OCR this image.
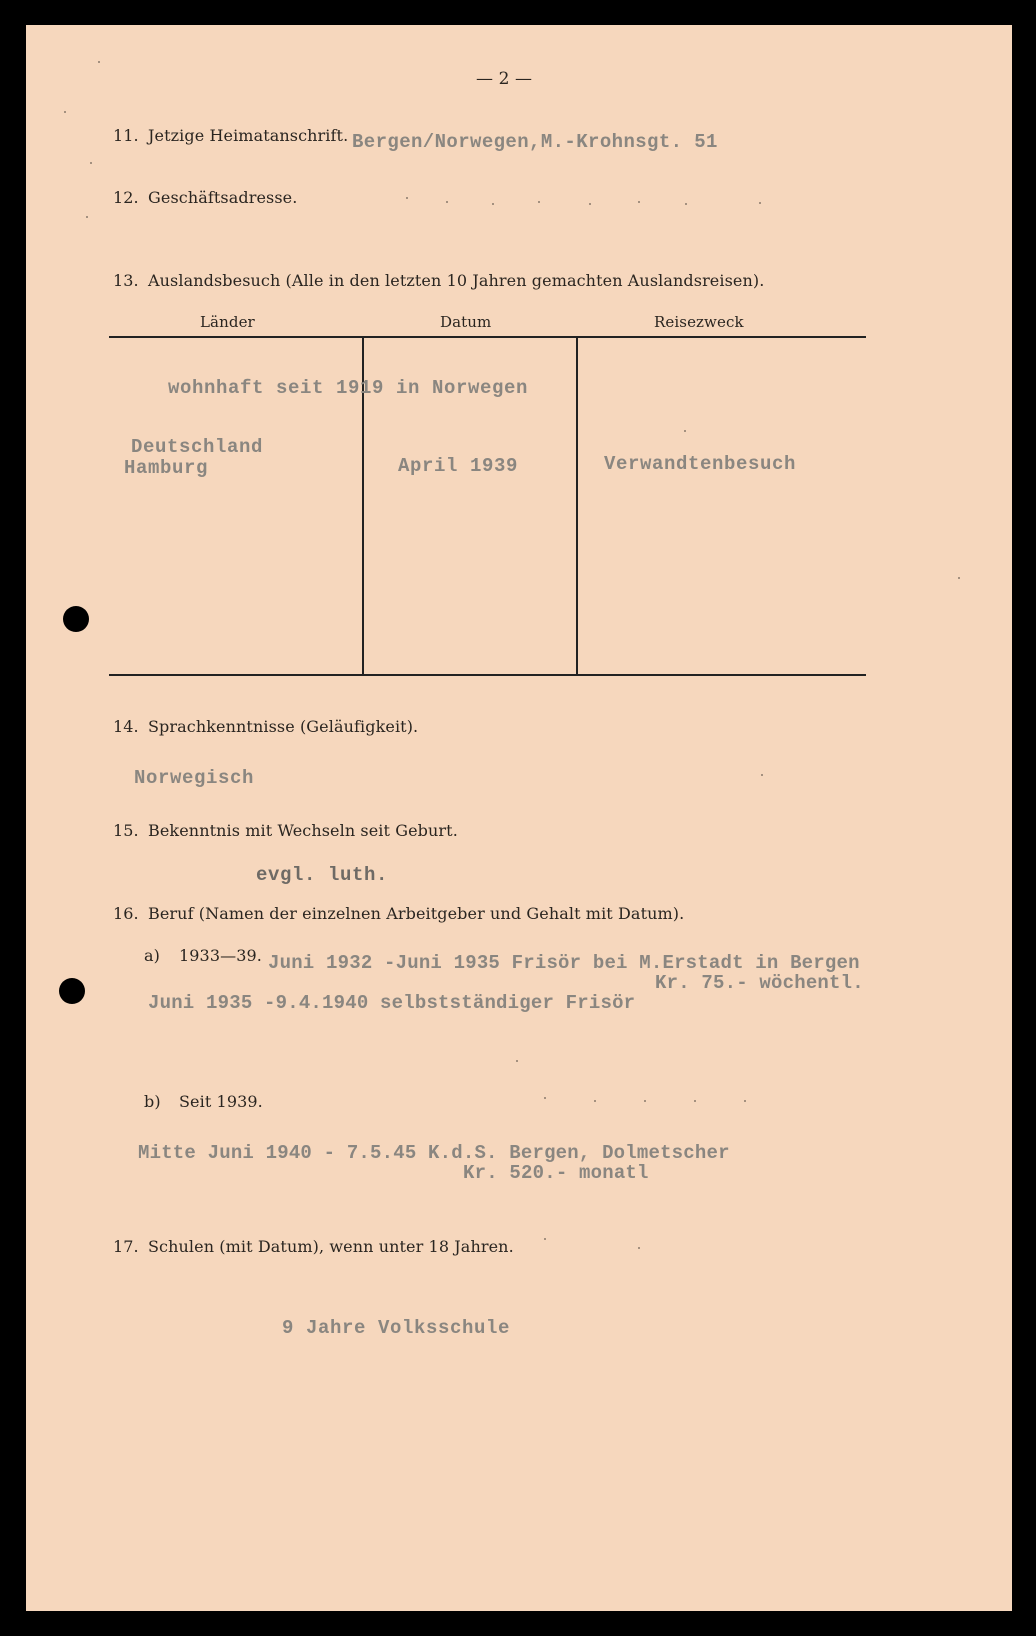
— 2 —
11. Jetzige Heimatanschrift. Bergen/Norwegen,M.-Krohnsgt. 51
12. Geschäftsadresse.
13. Auslandsbesuch (Alle in den letzten 10 Jahren gemachten Auslandsreisen).
Länder	Datum	Reisezweck
wohnhaft seit 1919 in Norwegen
Deutschland
Hamburg	April 1939	Verwandtenbesuch
14. Sprachkenntnisse (Geläufigkeit).
Norwegisch
15. Bekenntnis mit Wechseln seit Geburt.
evgl. luth.
16. Beruf (Namen der einzelnen Arbeitgeber und Gehalt mit Datum).
a) 1933—39. Juni 1932 -Juni 1935 Frisör bei M.Erstadt in Bergen
Kr. 75.- wöchentl.
Juni 1935 -9.4.1940 selbstständiger Frisör
b) Seit 1939.
Mitte Juni 1940 - 7.5.45 K.d.S. Bergen, Dolmetscher
Kr. 520.- monatl
17. Schulen (mit Datum), wenn unter 18 Jahren.
9 Jahre Volksschule
